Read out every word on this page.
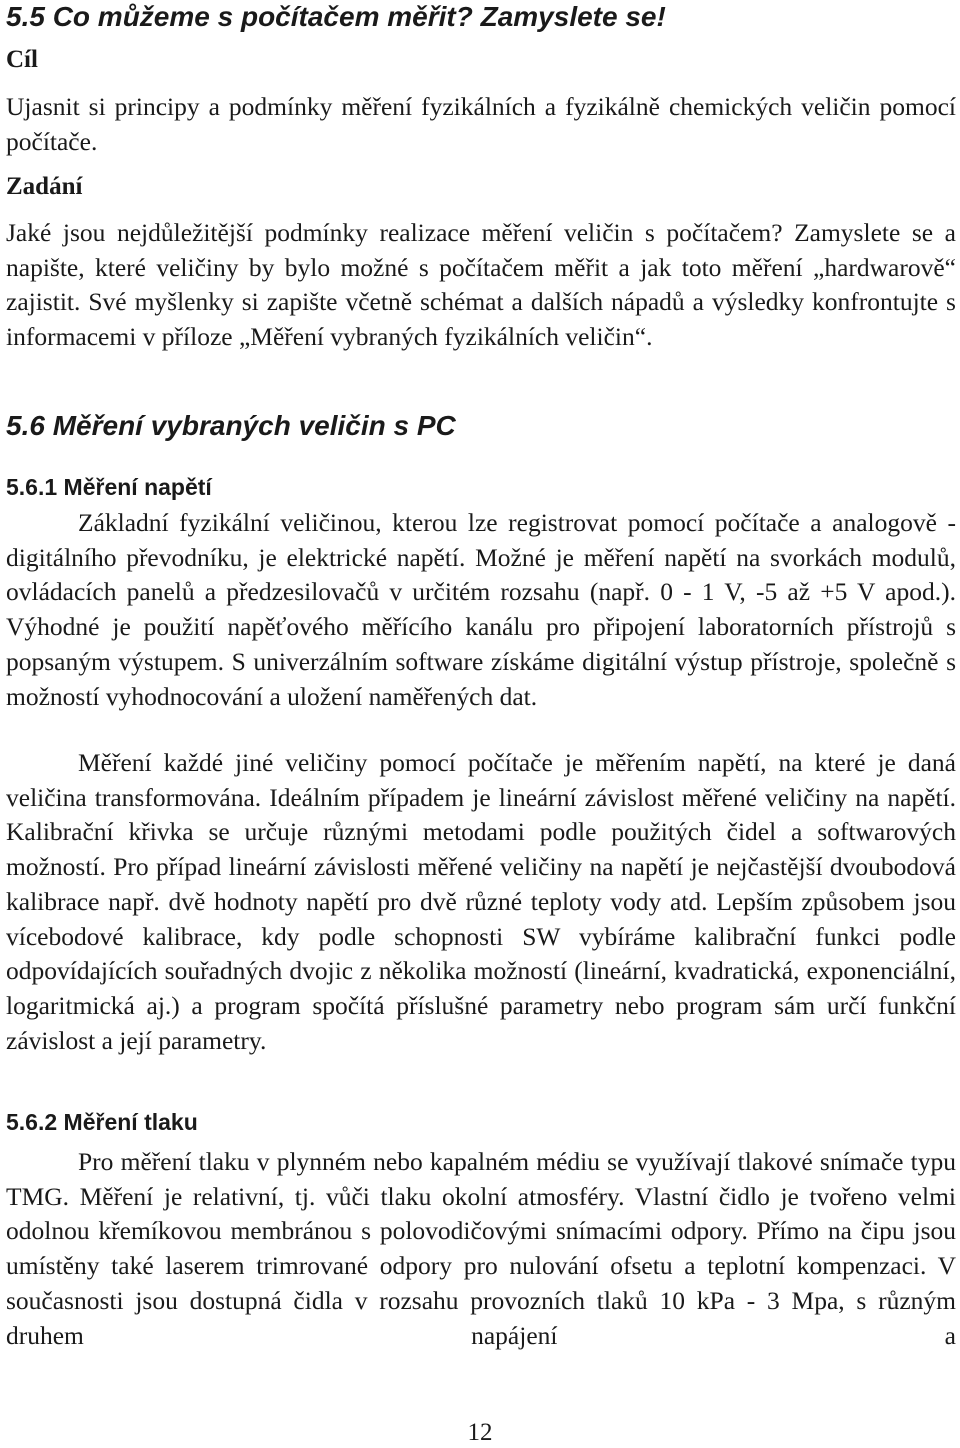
5.5 Co můžeme s počítačem měřit? Zamyslete se!
Cíl

Ujasnit si principy a podmínky měření fyzikálních a fyzikálně chemických veličin pomocí počítače.

Zadání

Jaké jsou nejdůležitější podmínky realizace měření veličin s počítačem? Zamyslete se a napište, které veličiny by bylo možné s počítačem měřit a jak toto měření „hardwarově“ zajistit. Své myšlenky si zapište včetně schémat a dalších nápadů a výsledky konfrontujte s informacemi v příloze „Měření vybraných fyzikálních veličin“.

5.6 Měření vybraných veličin s PC
5.6.1 Měření napětí

Základní fyzikální veličinou, kterou lze registrovat pomocí počítače a analogově - digitálního převodníku, je elektrické napětí. Možné je měření napětí na svorkách modulů, ovládacích panelů a předzesilovačů v určitém rozsahu (např. 0 - 1 V, -5 až +5 V apod.). Výhodné je použití napěťového měřícího kanálu pro připojení laboratorních přístrojů s popsaným výstupem. S univerzálním software získáme digitální výstup přístroje, společně s možností vyhodnocování a uložení naměřených dat.

Měření každé jiné veličiny pomocí počítače je měřením napětí, na které je daná veličina transformována. Ideálním případem je lineární závislost měřené veličiny na napětí. Kalibrační křivka se určuje různými metodami podle použitých čidel a softwarových možností. Pro případ lineární závislosti měřené veličiny na napětí je nejčastější dvoubodová kalibrace např. dvě hodnoty napětí pro dvě různé teploty vody atd. Lepším způsobem jsou vícebodové kalibrace, kdy podle schopnosti SW vybíráme kalibrační funkci podle odpovídajících souřadných dvojic z několika možností (lineární, kvadratická, exponenciální, logaritmická aj.) a program spočítá příslušné parametry nebo program sám určí funkční závislost a její parametry.

5.6.2 Měření tlaku

Pro měření tlaku v plynném nebo kapalném médiu se využívají tlakové snímače typu TMG. Měření je relativní, tj. vůči tlaku okolní atmosféry. Vlastní čidlo je tvořeno velmi odolnou křemíkovou membránou s polovodičovými snímacími odpory. Přímo na čipu jsou umístěny také laserem trimrované odpory pro nulování ofsetu a teplotní kompenzaci. V současnosti jsou dostupná čidla v rozsahu provozních tlaků 10 kPa - 3 Mpa, s různým druhem napájení a

12
